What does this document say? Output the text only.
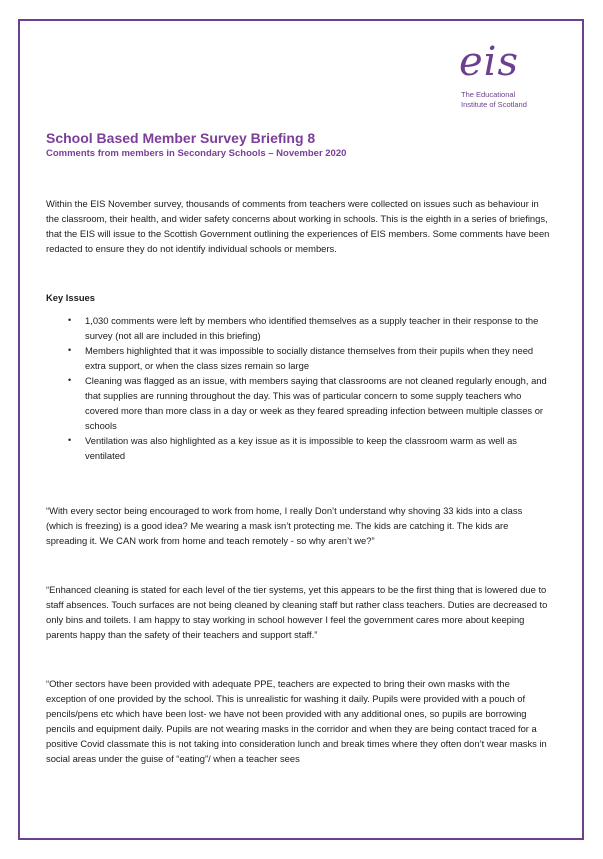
eis
The Educational
Institute of Scotland
School Based Member Survey Briefing 8
Comments from members in Secondary Schools – November 2020

Within the EIS November survey, thousands of comments from teachers were collected on issues such as behaviour in the classroom, their health, and wider safety concerns about working in schools. This is the eighth in a series of briefings, that the EIS will issue to the Scottish Government outlining the experiences of EIS members. Some comments have been redacted to ensure they do not identify individual schools or members.

Key Issues

• 1,030 comments were left by members who identified themselves as a supply teacher in their response to the survey (not all are included in this briefing)
• Members highlighted that it was impossible to socially distance themselves from their pupils when they need extra support, or when the class sizes remain so large
• Cleaning was flagged as an issue, with members saying that classrooms are not cleaned regularly enough, and that supplies are running throughout the day. This was of particular concern to some supply teachers who covered more than more class in a day or week as they feared spreading infection between multiple classes or schools
• Ventilation was also highlighted as a key issue as it is impossible to keep the classroom warm as well as ventilated

“With every sector being encouraged to work from home, I really Don’t understand why shoving 33 kids into a class (which is freezing) is a good idea? Me wearing a mask isn’t protecting me. The kids are catching it. The kids are spreading it. We CAN work from home and teach remotely - so why aren’t we?”

“Enhanced cleaning is stated for each level of the tier systems, yet this appears to be the first thing that is lowered due to staff absences. Touch surfaces are not being cleaned by cleaning staff but rather class teachers. Duties are decreased to only bins and toilets. I am happy to stay working in school however I feel the government cares more about keeping parents happy than the safety of their teachers and support staff.”

“Other sectors have been provided with adequate PPE, teachers are expected to bring their own masks with the exception of one provided by the school. This is unrealistic for washing it daily. Pupils were provided with a pouch of pencils/pens etc which have been lost- we have not been provided with any additional ones, so pupils are borrowing pencils and equipment daily. Pupils are not wearing masks in the corridor and when they are being contact traced for a positive Covid classmate this is not taking into consideration lunch and break times where they often don’t wear masks in social areas under the guise of “eating”/ when a teacher sees
